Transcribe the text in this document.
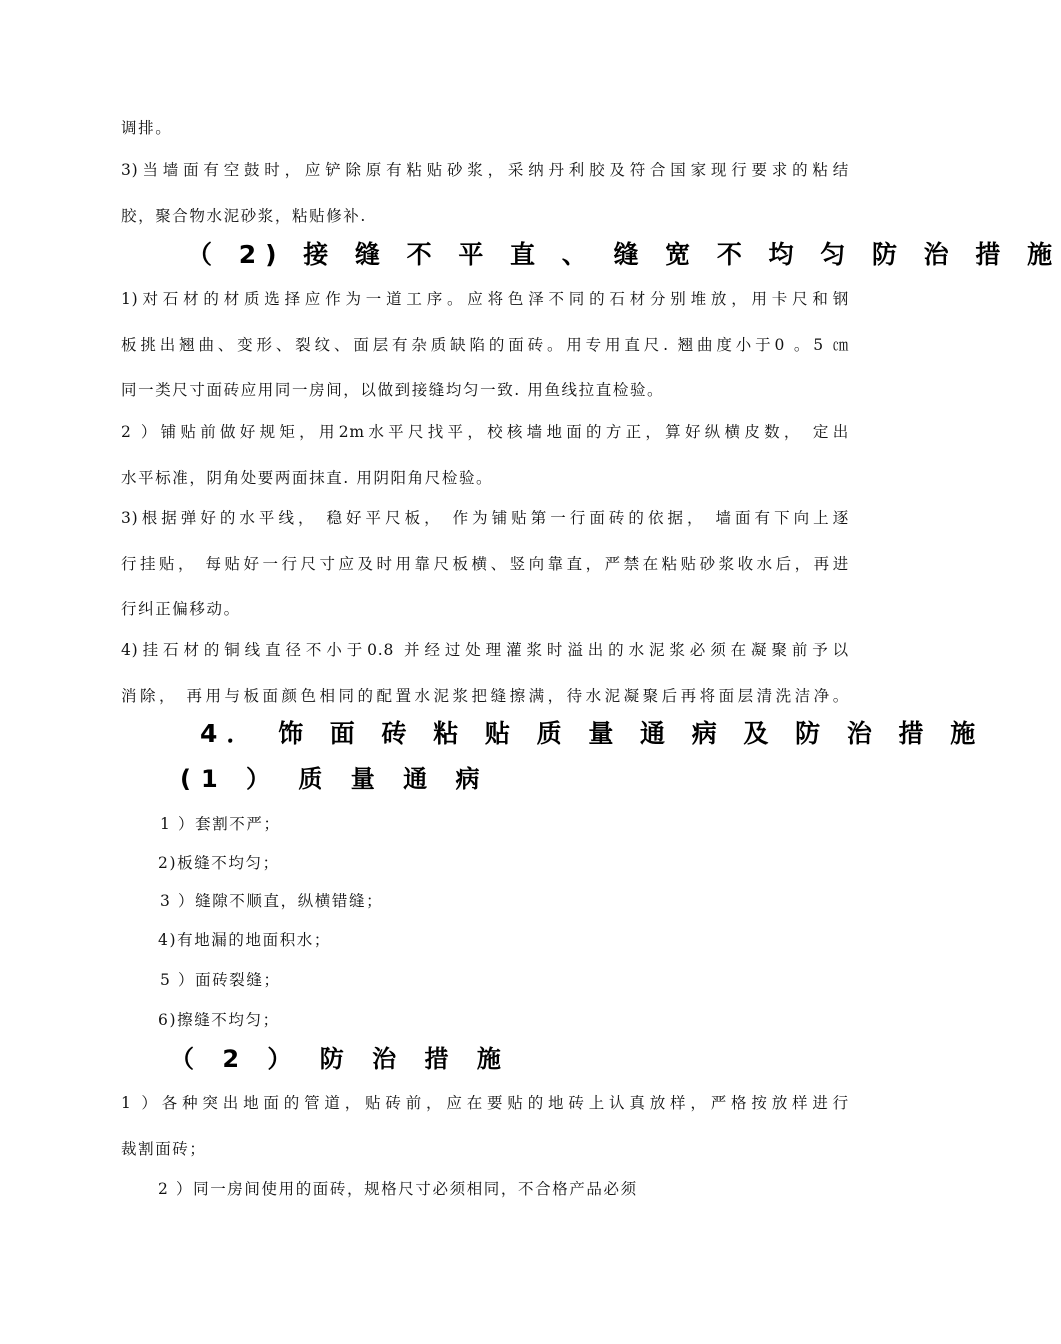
调排。
3)当墙面有空鼓时，应铲除原有粘贴砂浆，采纳丹利胶及符合国家现行要求的粘结
胶，聚合物水泥砂浆，粘贴修补.
（ 2) 接 缝 不 平 直 、 缝 宽 不 均 匀 防 治 措 施
1)对石材的材质选择应作为一道工序。应将色泽不同的石材分别堆放，用卡尺和钢
板挑出翘曲、变形、裂纹、面层有杂质缺陷的面砖。用专用直尺. 翘曲度小于0 。5 ㎝
同一类尺寸面砖应用同一房间，以做到接缝均匀一致. 用鱼线拉直检验。
2 ）铺贴前做好规矩，用2m水平尺找平，校核墙地面的方正，算好纵横皮数， 定出
水平标准，阴角处要两面抹直. 用阴阳角尺检验。
3)根据弹好的水平线， 稳好平尺板， 作为铺贴第一行面砖的依据， 墙面有下向上逐
行挂贴， 每贴好一行尺寸应及时用靠尺板横、竖向靠直，严禁在粘贴砂浆收水后，再进
行纠正偏移动。
4)挂石材的铜线直径不小于0.8 并经过处理灌浆时溢出的水泥浆必须在凝聚前予以
消除， 再用与板面颜色相同的配置水泥浆把缝擦满，待水泥凝聚后再将面层清洗洁净。
4． 饰 面 砖 粘 贴 质 量 通 病 及 防 治 措 施
(1 ） 质 量 通 病
1 ）套割不严；
2)板缝不均匀；
3 ）缝隙不顺直，纵横错缝；
4)有地漏的地面积水；
5 ）面砖裂缝；
6)擦缝不均匀；
（ 2 ） 防 治 措 施
1 ）各种突出地面的管道，贴砖前，应在要贴的地砖上认真放样，严格按放样进行
裁割面砖；
2 ）同一房间使用的面砖，规格尺寸必须相同，不合格产品必须
